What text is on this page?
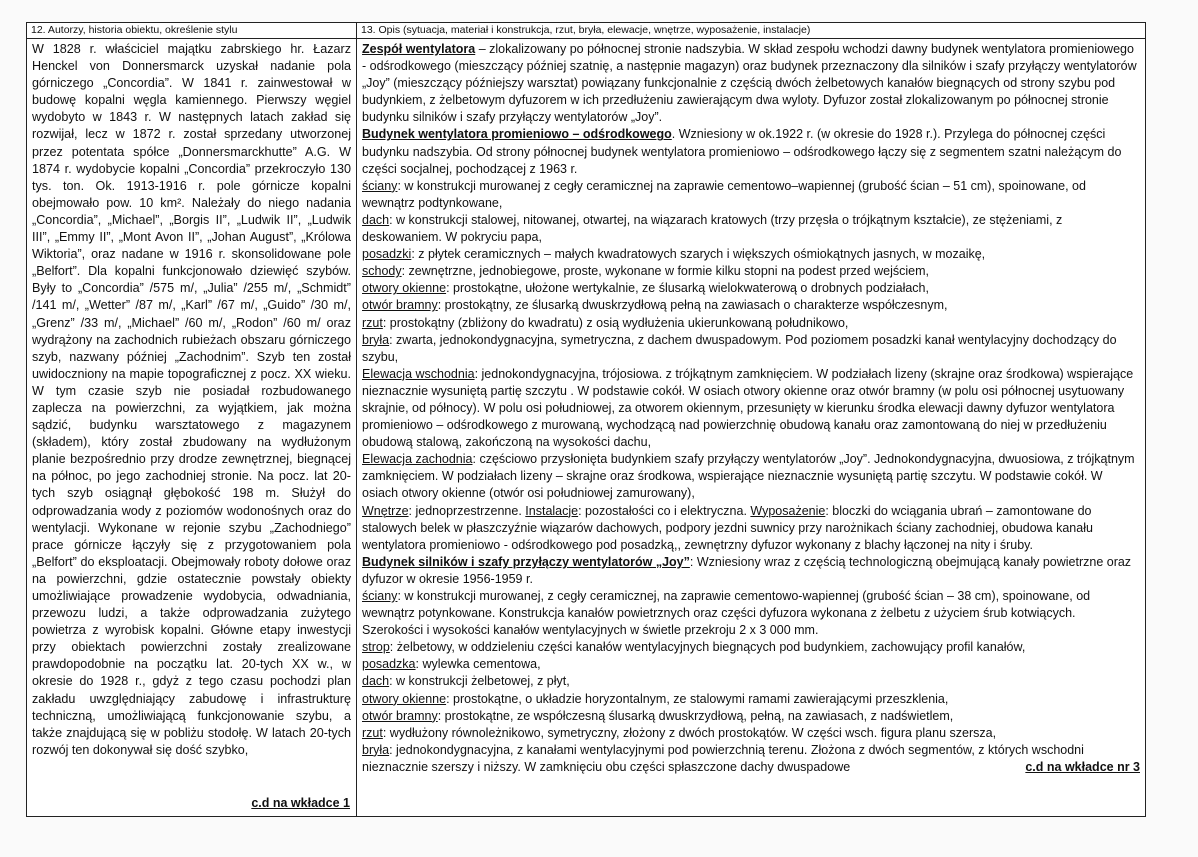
12. Autorzy, historia obiektu, określenie stylu
W 1828 r. właściciel majątku zabrskiego hr. Łazarz Henckel von Donnersmarck uzyskał nadanie pola górniczego „Concordia”. W 1841 r. zainwestował w budowę kopalni węgla kamiennego. Pierwszy węgiel wydobyto w 1843 r. W następnych latach zakład się rozwijał, lecz w 1872 r. został sprzedany utworzonej przez potentata spółce „Donnersmarckhutte” A.G. W 1874 r. wydobycie kopalni „Concordia” przekroczyło 130 tys. ton. Ok. 1913-1916 r. pole górnicze kopalni obejmowało pow. 10 km². Należały do niego nadania „Concordia”, „Michael”, „Borgis II”, „Ludwik II”, „Ludwik III”, „Emmy II”, „Mont Avon II”, „Johan August”, „Królowa Wiktoria”, oraz nadane w 1916 r. skonsolidowane pole „Belfort”. Dla kopalni funkcjonowało dziewięć szybów. Były to „Concordia” /575 m/, „Julia” /255 m/, „Schmidt” /141 m/, „Wetter” /87 m/, „Karl” /67 m/, „Guido” /30 m/, „Grenz” /33 m/, „Michael” /60 m/, „Rodon” /60 m/ oraz wydrążony na zachodnich rubieżach obszaru górniczego szyb, nazwany później „Zachodnim”. Szyb ten został uwidoczniony na mapie topograficznej z pocz. XX wieku. W tym czasie szyb nie posiadał rozbudowanego zaplecza na powierzchni, za wyjątkiem, jak można sądzić, budynku warsztatowego z magazynem (składem), który został zbudowany na wydłużonym planie bezpośrednio przy drodze zewnętrznej, biegnącej na północ, po jego zachodniej stronie. Na pocz. lat 20-tych szyb osiągnął głębokość 198 m. Służył do odprowadzania wody z poziomów wodonośnych oraz do wentylacji. Wykonane w rejonie szybu „Zachodniego” prace górnicze łączyły się z przygotowaniem pola „Belfort” do eksploatacji. Obejmowały roboty dołowe oraz na powierzchni, gdzie ostatecznie powstały obiekty umożliwiające prowadzenie wydobycia, odwadniania, przewozu ludzi, a także odprowadzania zużytego powietrza z wyrobisk kopalni. Główne etapy inwestycji przy obiektach powierzchni zostały zrealizowane prawdopodobnie na początku lat. 20-tych XX w., w okresie do 1928 r., gdyż z tego czasu pochodzi plan zakładu uwzględniający zabudowę i infrastrukturę techniczną, umożliwiającą funkcjonowanie szybu, a także znajdującą się w pobliżu stodołę. W latach 20-tych rozwój ten dokonywał się dość szybko,
c.d na wkładce 1
13. Opis (sytuacja, materiał i konstrukcja, rzut, bryła, elewacje, wnętrze, wyposażenie, instalacje)

Zespół wentylatora – zlokalizowany po północnej stronie nadszybia. W skład zespołu wchodzi dawny budynek wentylatora promieniowego - odśrodkowego (mieszczący później szatnię, a następnie magazyn) oraz budynek przeznaczony dla silników i szafy przyłączy wentylatorów „Joy” (mieszczący późniejszy warsztat) powiązany funkcjonalnie z częścią dwóch żelbetowych kanałów biegnących od strony szybu pod budynkiem, z żelbetowym dyfuzorem w ich przedłużeniu zawierającym dwa wyloty. Dyfuzor został zlokalizowanym po północnej stronie budynku silników i szafy przyłączy wentylatorów „Joy”.

Budynek wentylatora promieniowo – odśrodkowego. Wzniesiony w ok.1922 r. (w okresie do 1928 r.). Przylega do północnej części budynku nadszybia. Od strony północnej budynek wentylatora promieniowo – odśrodkowego łączy się z segmentem szatni należącym do części socjalnej, pochodzącej z 1963 r.

ściany: w konstrukcji murowanej z cegły ceramicznej na zaprawie cementowo–wapiennej (grubość ścian – 51 cm), spoinowane, od wewnątrz podtynkowane,

dach: w konstrukcji stalowej, nitowanej, otwartej, na wiązarach kratowych (trzy przęsła o trójkątnym kształcie), ze stężeniami, z deskowaniem. W pokryciu papa,

posadzki: z płytek ceramicznych – małych kwadratowych szarych i większych ośmiokątnych jasnych, w mozaikę,

schody: zewnętrzne, jednobiegowe, proste, wykonane w formie kilku stopni na podest przed wejściem,

otwory okienne: prostokątne, ułożone wertykalnie, ze ślusarką wielokwaterową o drobnych podziałach,

otwór bramny: prostokątny, ze ślusarką dwuskrzydłową pełną na zawiasach o charakterze współczesnym,

rzut: prostokątny (zbliżony do kwadratu) z osią wydłużenia ukierunkowaną południkowo,

bryła: zwarta, jednokondygnacyjna, symetryczna, z dachem dwuspadowym. Pod poziomem posadzki kanał wentylacyjny dochodzący do szybu,

Elewacja wschodnia: jednokondygnacyjna, trójosiowa. z trójkątnym zamknięciem. W podziałach lizeny (skrajne oraz środkowa) wspierające nieznacznie wysuniętą partię szczytu . W podstawie cokół. W osiach otwory okienne oraz otwór bramny (w polu osi północnej usytuowany skrajnie, od północy). W polu osi południowej, za otworem okiennym, przesunięty w kierunku środka elewacji dawny dyfuzor wentylatora promieniowo – odśrodkowego z murowaną, wychodzącą nad powierzchnię obudową kanału oraz zamontowaną do niej w przedłużeniu obudową stalową, zakończoną na wysokości dachu,

Elewacja zachodnia: częściowo przysłonięta budynkiem szafy przyłączy wentylatorów „Joy”. Jednokondygnacyjna, dwuosiowa, z trójkątnym zamknięciem. W podziałach lizeny – skrajne oraz środkowa, wspierające nieznacznie wysuniętą partię szczytu. W podstawie cokół. W osiach otwory okienne (otwór osi południowej zamurowany),

Wnętrze: jednoprzestrzenne. Instalacje: pozostałości co i elektryczna. Wyposażenie: bloczki do wciągania ubrań – zamontowane do stalowych belek w płaszczyźnie wiązarów dachowych, podpory jezdni suwnicy przy narożnikach ściany zachodniej, obudowa kanału wentylatora promieniowo - odśrodkowego pod posadzką,, zewnętrzny dyfuzor wykonany z blachy łączonej na nity i śruby.

Budynek silników i szafy przyłączy wentylatorów „Joy”: Wzniesiony wraz z częścią technologiczną obejmującą kanały powietrzne oraz dyfuzor w okresie 1956-1959 r.

ściany: w konstrukcji murowanej, z cegły ceramicznej, na zaprawie cementowo-wapiennej (grubość ścian – 38 cm), spoinowane, od wewnątrz potynkowane. Konstrukcja kanałów powietrznych oraz części dyfuzora wykonana z żelbetu z użyciem śrub kotwiących. Szerokości i wysokości kanałów wentylacyjnych w świetle przekroju 2 x 3 000 mm.

strop: żelbetowy, w oddzieleniu części kanałów wentylacyjnych biegnących pod budynkiem, zachowujący profil kanałów,

posadzka: wylewka cementowa,

dach: w konstrukcji żelbetowej, z płyt,

otwory okienne: prostokątne, o układzie horyzontalnym, ze stalowymi ramami zawierającymi przeszklenia,

otwór bramny: prostokątne, ze współczesną ślusarką dwuskrzydłową, pełną, na zawiasach, z nadświetlem,

rzut: wydłużony równoleżnikowo, symetryczny, złożony z dwóch prostokątów. W części wsch. figura planu szersza,

bryła: jednokondygnacyjna, z kanałami wentylacyjnymi pod powierzchnią terenu. Złożona z dwóch segmentów, z których wschodni nieznacznie szerszy i niższy. W zamknięciu obu części spłaszczone dachy dwuspadowe	c.d na wkładce nr 3
